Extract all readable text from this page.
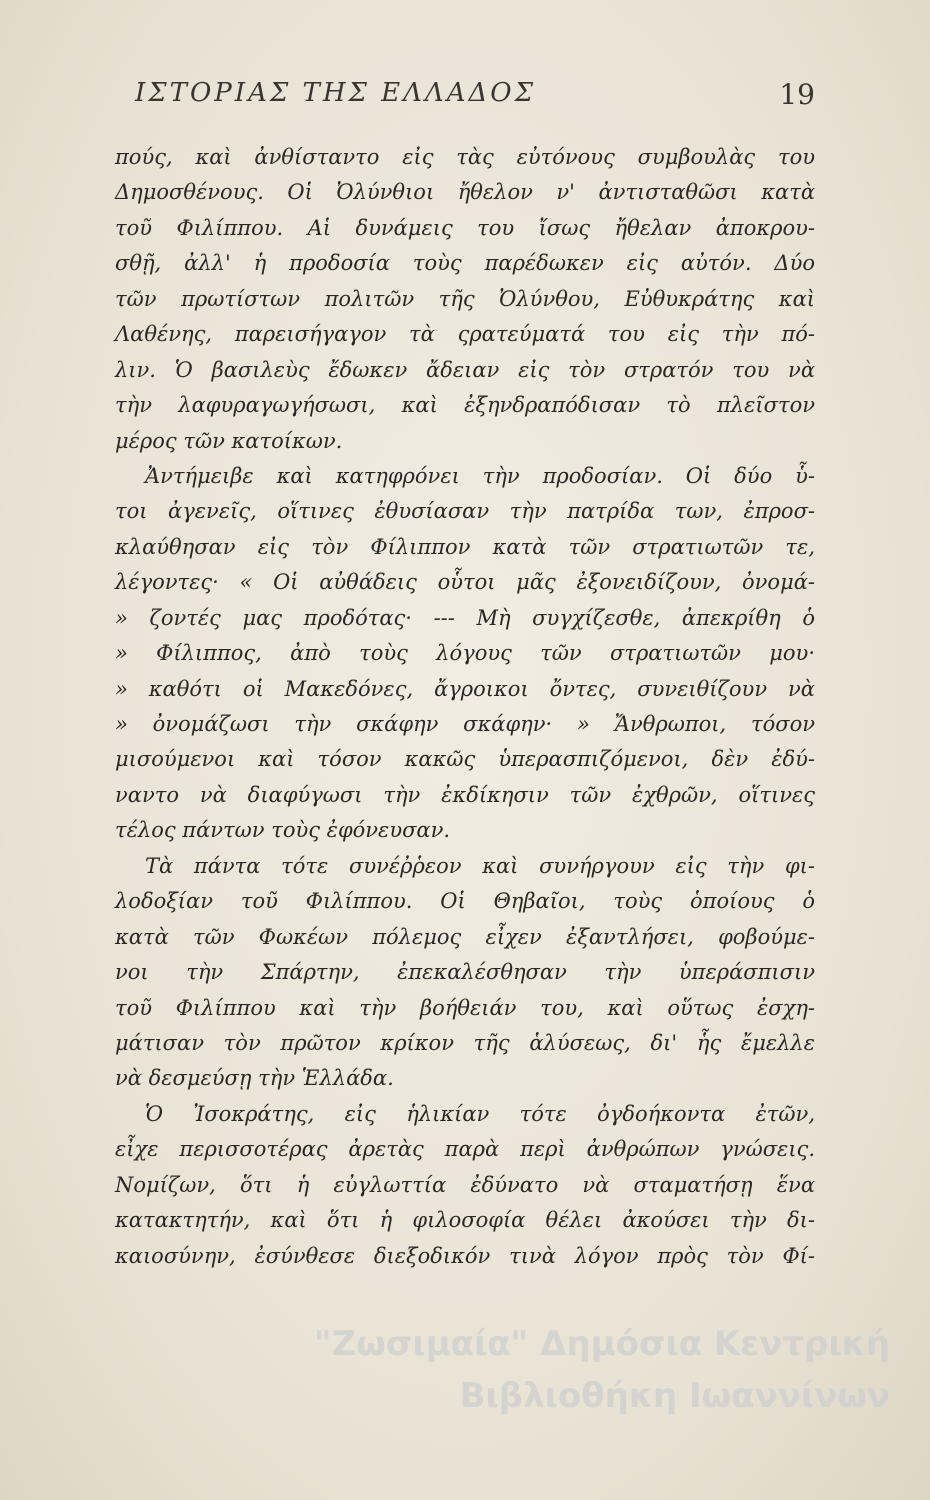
ΙΣΤΟΡΙΑΣ ΤΗΣ ΕΛΛΑΔΟΣ	19
πούς, καὶ ἀνθίσταντο εἰς τὰς εὐτόνους συμβουλὰς του
Δημοσθένους. Οἱ Ὀλύνθιοι ἤθελον ν' ἀντισταθῶσι κατὰ
τοῦ Φιλίππου. Αἱ δυνάμεις του ἴσως ἤθελαν ἀποκρου-
σθῇ, ἀλλ' ἡ προδοσία τοὺς παρέδωκεν εἰς αὐτόν. Δύο
τῶν πρωτίστων πολιτῶν τῆς Ὀλύνθου, Εὐθυκράτης καὶ
Λαθένης, παρεισήγαγον τὰ ςρατεύματά του εἰς τὴν πό-
λιν. Ὁ βασιλεὺς ἔδωκεν ἄδειαν εἰς τὸν στρατόν του νὰ
τὴν λαφυραγωγήσωσι, καὶ ἐξηνδραπόδισαν τὸ πλεῖστον
μέρος τῶν κατοίκων.
Ἀντήμειβε καὶ κατηφρόνει τὴν προδοσίαν. Οἱ δύο ὗ-
τοι ἀγενεῖς, οἵτινες ἐθυσίασαν τὴν πατρίδα των, ἐπροσ-
κλαύθησαν εἰς τὸν Φίλιππον κατὰ τῶν στρατιωτῶν τε,
λέγοντες· « Οἱ αὐθάδεις οὗτοι μᾶς ἐξονειδίζουν, ὀνομά-
» ζοντές μας προδότας· --- Μὴ συγχίζεσθε, ἀπεκρίθη ὁ
» Φίλιππος, ἀπὸ τοὺς λόγους τῶν στρατιωτῶν μου·
» καθότι οἱ Μακεδόνες, ἄγροικοι ὄντες, συνειθίζουν νὰ
» ὀνομάζωσι τὴν σκάφην σκάφην· » Ἄνθρωποι, τόσον
μισούμενοι καὶ τόσον κακῶς ὑπερασπιζόμενοι, δὲν ἐδύ-
ναντο νὰ διαφύγωσι τὴν ἐκδίκησιν τῶν ἐχθρῶν, οἵτινες
τέλος πάντων τοὺς ἐφόνευσαν.
Τὰ πάντα τότε συνέῤῥεον καὶ συνήργουν εἰς τὴν φι-
λοδοξίαν τοῦ Φιλίππου. Οἱ Θηβαῖοι, τοὺς ὁποίους ὁ
κατὰ τῶν Φωκέων πόλεμος εἶχεν ἐξαντλήσει, φοβούμε-
νοι τὴν Σπάρτην, ἐπεκαλέσθησαν τὴν ὑπεράσπισιν
τοῦ Φιλίππου καὶ τὴν βοήθειάν του, καὶ οὕτως ἐσχη-
μάτισαν τὸν πρῶτον κρίκον τῆς ἁλύσεως, δι' ἧς ἔμελλε
νὰ δεσμεύσῃ τὴν Ἑλλάδα.
Ὁ Ἰσοκράτης, εἰς ἡλικίαν τότε ὀγδοήκοντα ἐτῶν,
εἶχε περισσοτέρας ἀρετὰς παρὰ περὶ ἀνθρώπων γνώσεις.
Νομίζων, ὅτι ἡ εὐγλωττία ἐδύνατο νὰ σταματήσῃ ἕνα
κατακτητήν, καὶ ὅτι ἡ φιλοσοφία θέλει ἀκούσει τὴν δι-
καιοσύνην, ἐσύνθεσε διεξοδικόν τινὰ λόγον πρὸς τὸν Φί-
"Ζωσιμαία" Δημόσια Κεντρική
Βιβλιοθήκη Ιωαννίνων
